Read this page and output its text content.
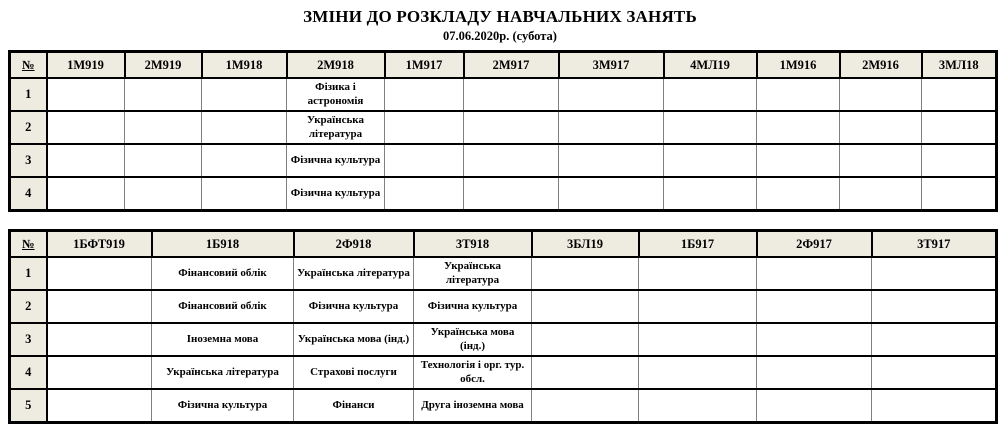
ЗМІНИ ДО РОЗКЛАДУ НАВЧАЛЬНИХ ЗАНЯТЬ
07.06.2020р. (субота)
№	1М919	2М919	1М918	2М918	1М917	2М917	3М917	4МЛ19	1М916	2М916	3МЛ18
1				Фізика і астрономія							
2				Українська література							
3				Фізична культура							
4				Фізична культура							
№	1БФТ919	1Б918	2Ф918	3Т918	3БЛ19	1Б917	2Ф917	3Т917
1		Фінансовий облік	Українська література	Українська література				
2		Фінансовий облік	Фізична культура	Фізична культура				
3		Іноземна мова	Українська мова (інд.)	Українська мова (інд.)				
4		Українська література	Страхові послуги	Технологія і орг. тур. обсл.				
5		Фізична культура	Фінанси	Друга іноземна мова				
